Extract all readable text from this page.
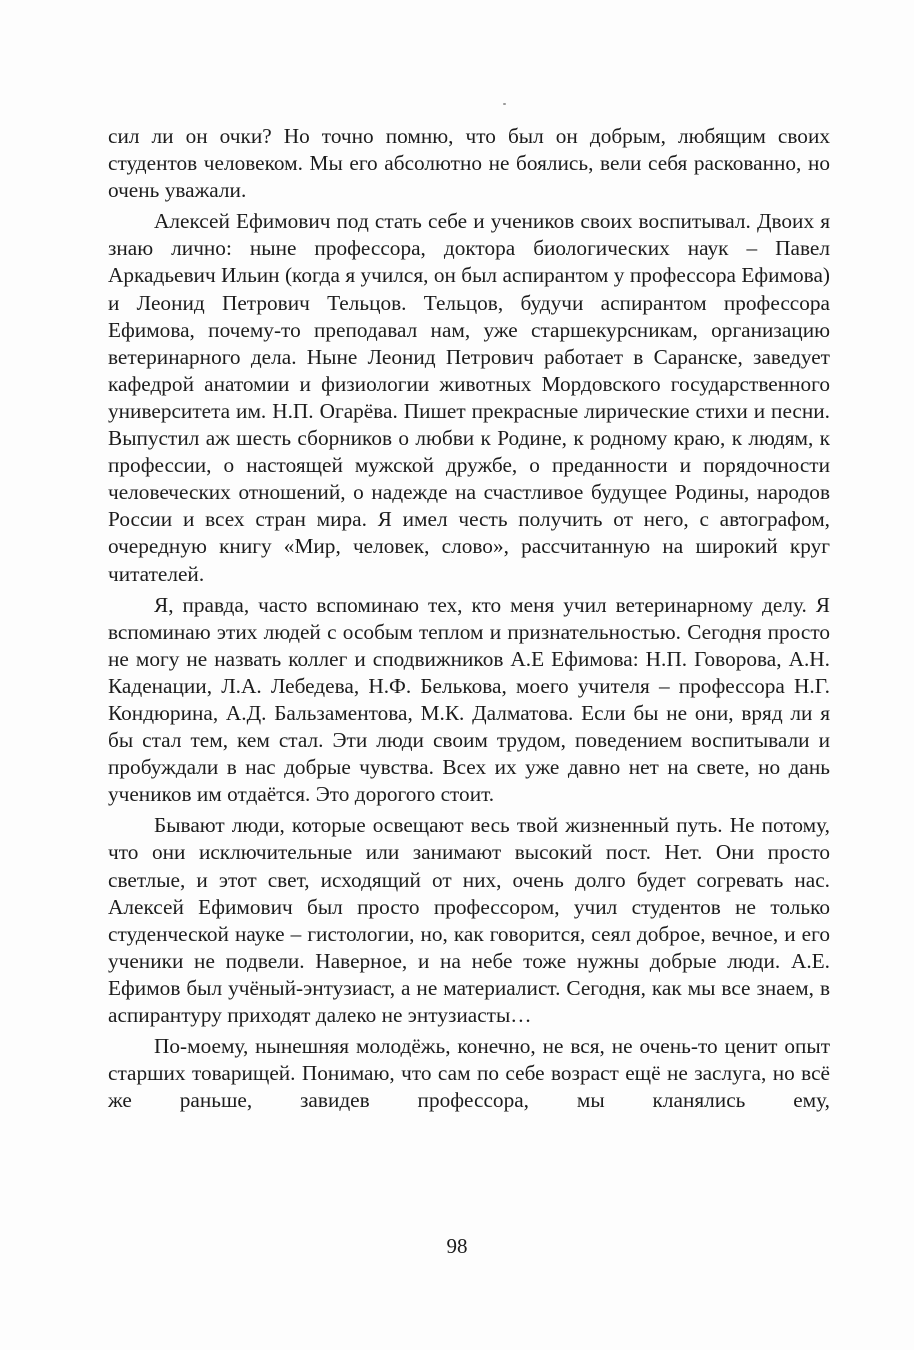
сил ли он очки? Но точно помню, что был он добрым, любящим своих студентов человеком. Мы его абсолютно не боялись, вели себя раскованно, но очень уважали.

Алексей Ефимович под стать себе и учеников своих воспитывал. Двоих я знаю лично: ныне профессора, доктора биологических наук – Павел Аркадьевич Ильин (когда я учился, он был аспирантом у профессора Ефимова) и Леонид Петрович Тельцов. Тельцов, будучи аспирантом профессора Ефимова, почему-то преподавал нам, уже старшекурсникам, организацию ветеринарного дела. Ныне Леонид Петрович работает в Саранске, заведует кафедрой анатомии и физиологии животных Мордовского государственного университета им. Н.П. Огарёва. Пишет прекрасные лирические стихи и песни. Выпустил аж шесть сборников о любви к Родине, к родному краю, к людям, к профессии, о настоящей мужской дружбе, о преданности и порядочности человеческих отношений, о надежде на счастливое будущее Родины, народов России и всех стран мира. Я имел честь получить от него, с автографом, очередную книгу «Мир, человек, слово», рассчитанную на широкий круг читателей.

Я, правда, часто вспоминаю тех, кто меня учил ветеринарному делу. Я вспоминаю этих людей с особым теплом и признательностью. Сегодня просто не могу не назвать коллег и сподвижников А.Е Ефимова: Н.П. Говорова, А.Н. Каденации, Л.А. Лебедева, Н.Ф. Белькова, моего учителя – профессора Н.Г. Кондюрина, А.Д. Бальзаментова, М.К. Далматова. Если бы не они, вряд ли я бы стал тем, кем стал. Эти люди своим трудом, поведением воспитывали и пробуждали в нас добрые чувства. Всех их уже давно нет на свете, но дань учеников им отдаётся. Это дорогого стоит.

Бывают люди, которые освещают весь твой жизненный путь. Не потому, что они исключительные или занимают высокий пост. Нет. Они просто светлые, и этот свет, исходящий от них, очень долго будет согревать нас. Алексей Ефимович был просто профессором, учил студентов не только студенческой науке – гистологии, но, как говорится, сеял доброе, вечное, и его ученики не подвели. Наверное, и на небе тоже нужны добрые люди. А.Е. Ефимов был учёный-энтузиаст, а не материалист. Сегодня, как мы все знаем, в аспирантуру приходят далеко не энтузиасты…

По-моему, нынешняя молодёжь, конечно, не вся, не очень-то ценит опыт старших товарищей. Понимаю, что сам по себе возраст ещё не заслуга, но всё же раньше, завидев профессора, мы кланялись ему,

98
